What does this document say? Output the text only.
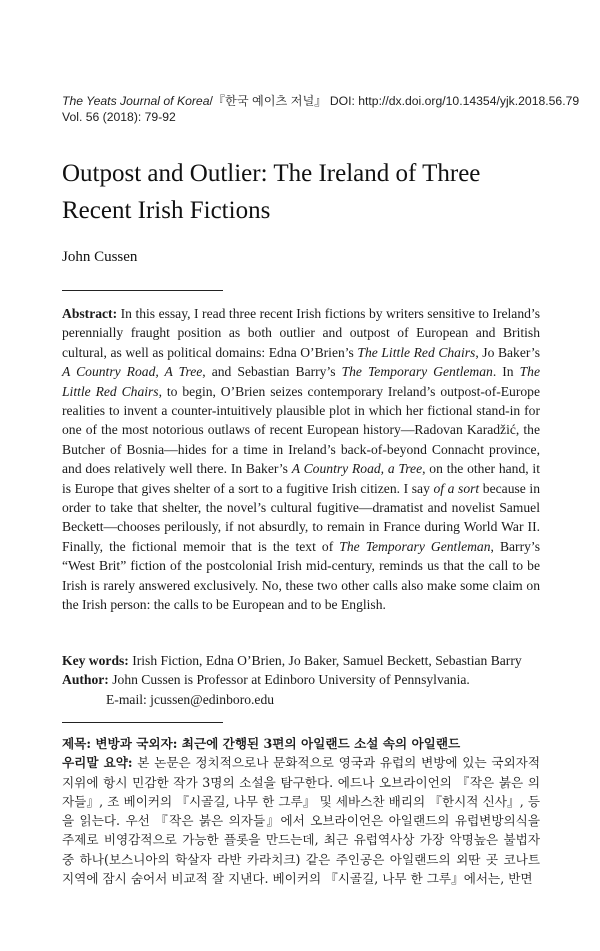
The Yeats Journal of Korea/『한국 예이츠 저널』 DOI: http://dx.doi.org/10.14354/yjk.2018.56.79
Vol. 56 (2018): 79-92
Outpost and Outlier: The Ireland of Three
Recent Irish Fictions
John Cussen

Abstract: In this essay, I read three recent Irish fictions by writers sensitive to Ireland’s perennially fraught position as both outlier and outpost of European and British cultural, as well as political domains: Edna O’Brien’s The Little Red Chairs, Jo Baker’s A Country Road, A Tree, and Sebastian Barry’s The Temporary Gentleman. In The Little Red Chairs, to begin, O’Brien seizes contemporary Ireland’s outpost-of-Europe realities to invent a counter-intuitively plausible plot in which her fictional stand-in for one of the most notorious outlaws of recent European history—Radovan Karadžić, the Butcher of Bosnia—hides for a time in Ireland’s back-of-beyond Connacht province, and does relatively well there. In Baker’s A Country Road, a Tree, on the other hand, it is Europe that gives shelter of a sort to a fugitive Irish citizen. I say of a sort because in order to take that shelter, the novel’s cultural fugitive—dramatist and novelist Samuel Beckett—chooses perilously, if not absurdly, to remain in France during World War II. Finally, the fictional memoir that is the text of The Temporary Gentleman, Barry’s “West Brit” fiction of the postcolonial Irish mid-century, reminds us that the call to be Irish is rarely answered exclusively. No, these two other calls also make some claim on the Irish person: the calls to be European and to be English.

Key words: Irish Fiction, Edna O’Brien, Jo Baker, Samuel Beckett, Sebastian Barry
Author: John Cussen is Professor at Edinboro University of Pennsylvania.
E-mail: jcussen@edinboro.edu

제목: 변방과 국외자: 최근에 간행된 3편의 아일랜드 소설 속의 아일랜드

우리말 요약: 본 논문은 정치적으로나 문화적으로 영국과 유럽의 변방에 있는 국외자적 지위에 항시 민감한 작가 3명의 소설을 탐구한다. 에드나 오브라이언의 『작은 붉은 의자들』, 조 베이커의 『시골길, 나무 한 그루』 및 세바스찬 배리의 『한시적 신사』, 등을 읽는다. 우선 『작은 붉은 의자들』에서 오브라이언은 아일랜드의 유럽변방의식을 주제로 비영감적으로 가능한 플롯을 만드는데, 최근 유럽역사상 가장 악명높은 불법자 중 하나(보스니아의 학살자 라반 카라치크) 같은 주인공은 아일랜드의 외딴 곳 코나트 지역에 잠시 숨어서 비교적 잘 지낸다. 베이커의 『시골길, 나무 한 그루』에서는, 반면
